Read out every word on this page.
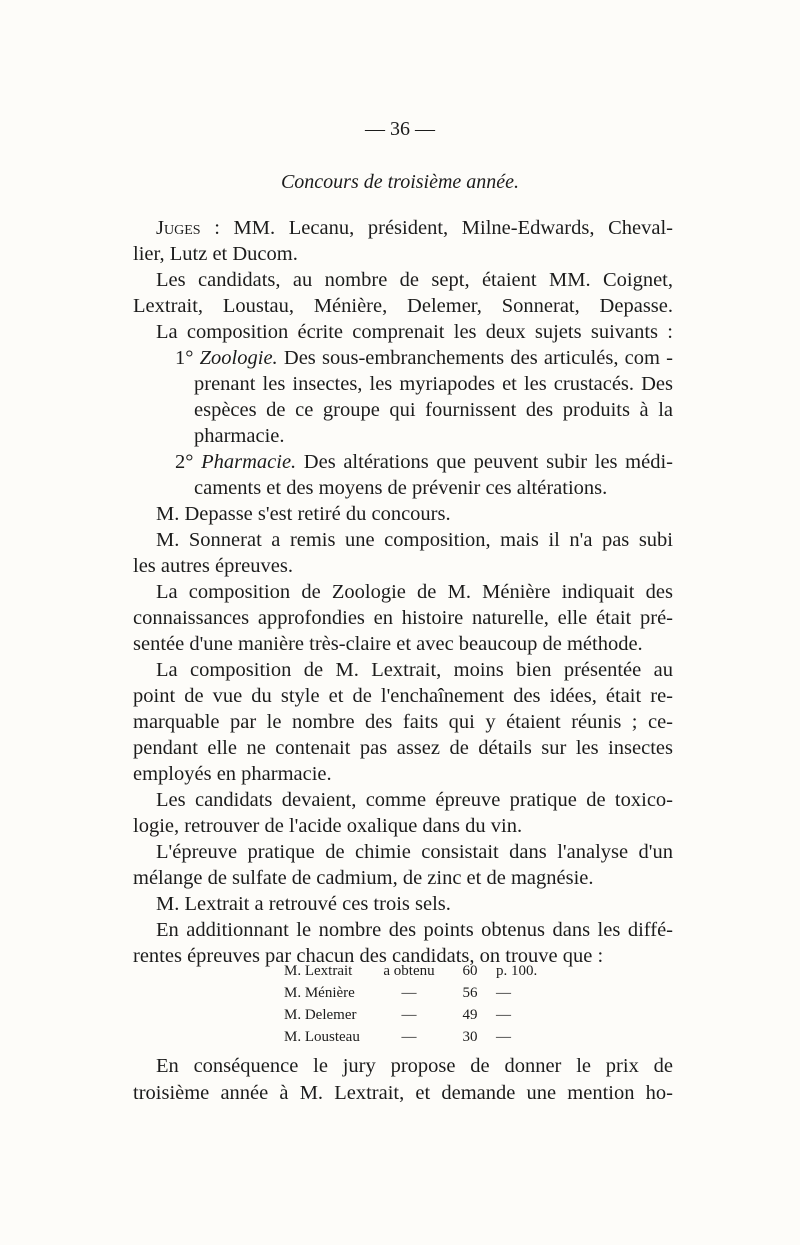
— 36 —
Concours de troisième année.
Juges : MM. Lecanu, président, Milne-Edwards, Cheval-
lier, Lutz et Ducom.
Les candidats, au nombre de sept, étaient MM. Coignet,
Lextrait, Loustau, Ménière, Delemer, Sonnerat, Depasse.
La composition écrite comprenait les deux sujets suivants :
1° Zoologie. Des sous-embranchements des articulés, com -
prenant les insectes, les myriapodes et les crustacés. Des
espèces de ce groupe qui fournissent des produits à la
pharmacie.
2° Pharmacie. Des altérations que peuvent subir les médi-
caments et des moyens de prévenir ces altérations.
M. Depasse s'est retiré du concours.
M. Sonnerat a remis une composition, mais il n'a pas subi
les autres épreuves.
La composition de Zoologie de M. Ménière indiquait des
connaissances approfondies en histoire naturelle, elle était pré-
sentée d'une manière très-claire et avec beaucoup de méthode.
La composition de M. Lextrait, moins bien présentée au
point de vue du style et de l'enchaînement des idées, était re-
marquable par le nombre des faits qui y étaient réunis ; ce-
pendant elle ne contenait pas assez de détails sur les insectes
employés en pharmacie.
Les candidats devaient, comme épreuve pratique de toxico-
logie, retrouver de l'acide oxalique dans du vin.
L'épreuve pratique de chimie consistait dans l'analyse d'un
mélange de sulfate de cadmium, de zinc et de magnésie.
M. Lextrait a retrouvé ces trois sels.
En additionnant le nombre des points obtenus dans les diffé-
rentes épreuves par chacun des candidats, on trouve que :
M. Lextrait	a obtenu	60	p. 100.
M. Ménière	—	56	—
M. Delemer	—	49	—
M. Lousteau	—	30	—
En conséquence le jury propose de donner le prix de
troisième année à M. Lextrait, et demande une mention ho-
